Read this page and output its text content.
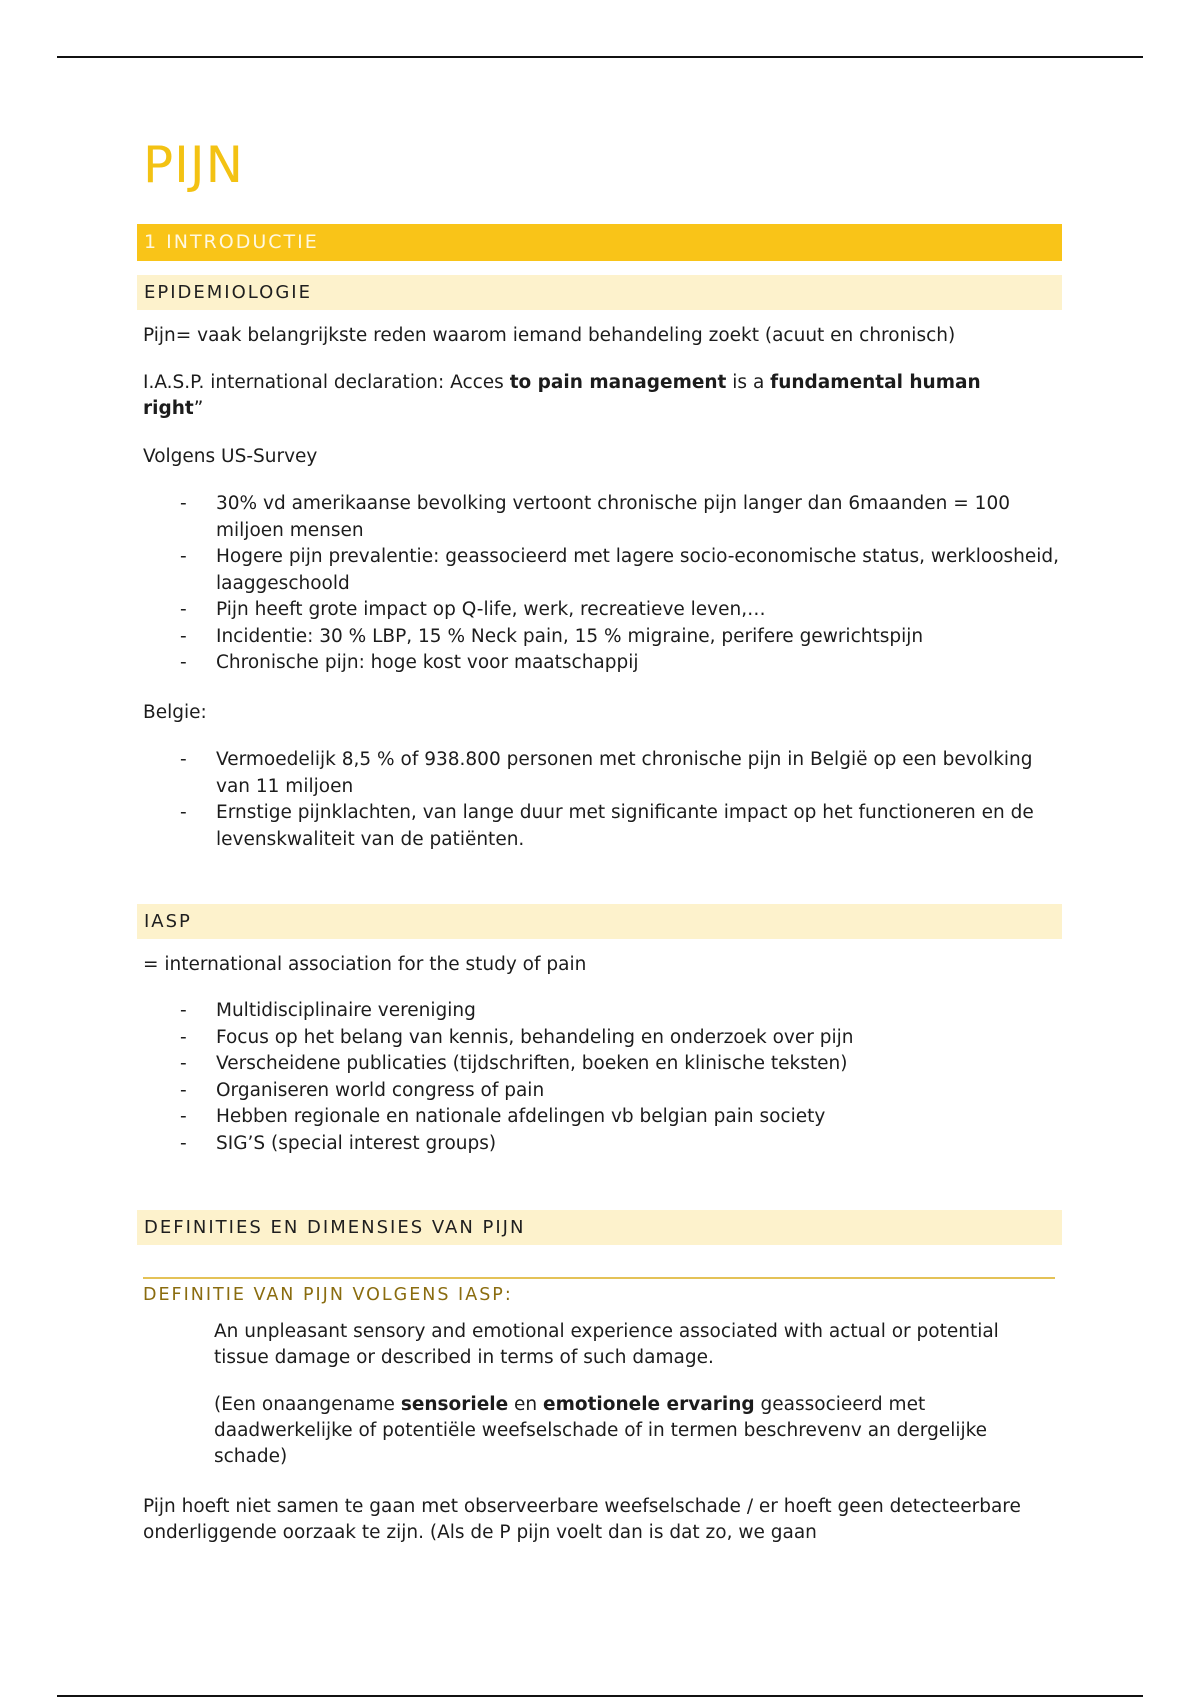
PIJN
1 INTRODUCTIE
EPIDEMIOLOGIE
Pijn= vaak belangrijkste reden waarom iemand behandeling zoekt (acuut en chronisch)
I.A.S.P. international declaration: Acces to pain management is a fundamental human right”
Volgens US-Survey
- 30% vd amerikaanse bevolking vertoont chronische pijn langer dan 6maanden = 100 miljoen mensen
- Hogere pijn prevalentie: geassocieerd met lagere socio-economische status, werkloosheid, laaggeschoold
- Pijn heeft grote impact op Q-life, werk, recreatieve leven,…
- Incidentie: 30 % LBP, 15 % Neck pain, 15 % migraine, perifere gewrichtspijn
- Chronische pijn: hoge kost voor maatschappij
Belgie:
- Vermoedelijk 8,5 % of 938.800 personen met chronische pijn in België op een bevolking van 11 miljoen
- Ernstige pijnklachten, van lange duur met significante impact op het functioneren en de levenskwaliteit van de patiënten.
IASP
= international association for the study of pain
- Multidisciplinaire vereniging
- Focus op het belang van kennis, behandeling en onderzoek over pijn
- Verscheidene publicaties (tijdschriften, boeken en klinische teksten)
- Organiseren world congress of pain
- Hebben regionale en nationale afdelingen vb belgian pain society
- SIG’S (special interest groups)
DEFINITIES EN DIMENSIES VAN PIJN
DEFINITIE VAN PIJN VOLGENS IASP:
An unpleasant sensory and emotional experience associated with actual or potential tissue damage or described in terms of such damage.
(Een onaangename sensoriele en emotionele ervaring geassocieerd met daadwerkelijke of potentiële weefselschade of in termen beschrevenv an dergelijke schade)
Pijn hoeft niet samen te gaan met observeerbare weefselschade / er hoeft geen detecteerbare onderliggende oorzaak te zijn. (Als de P pijn voelt dan is dat zo, we gaan
